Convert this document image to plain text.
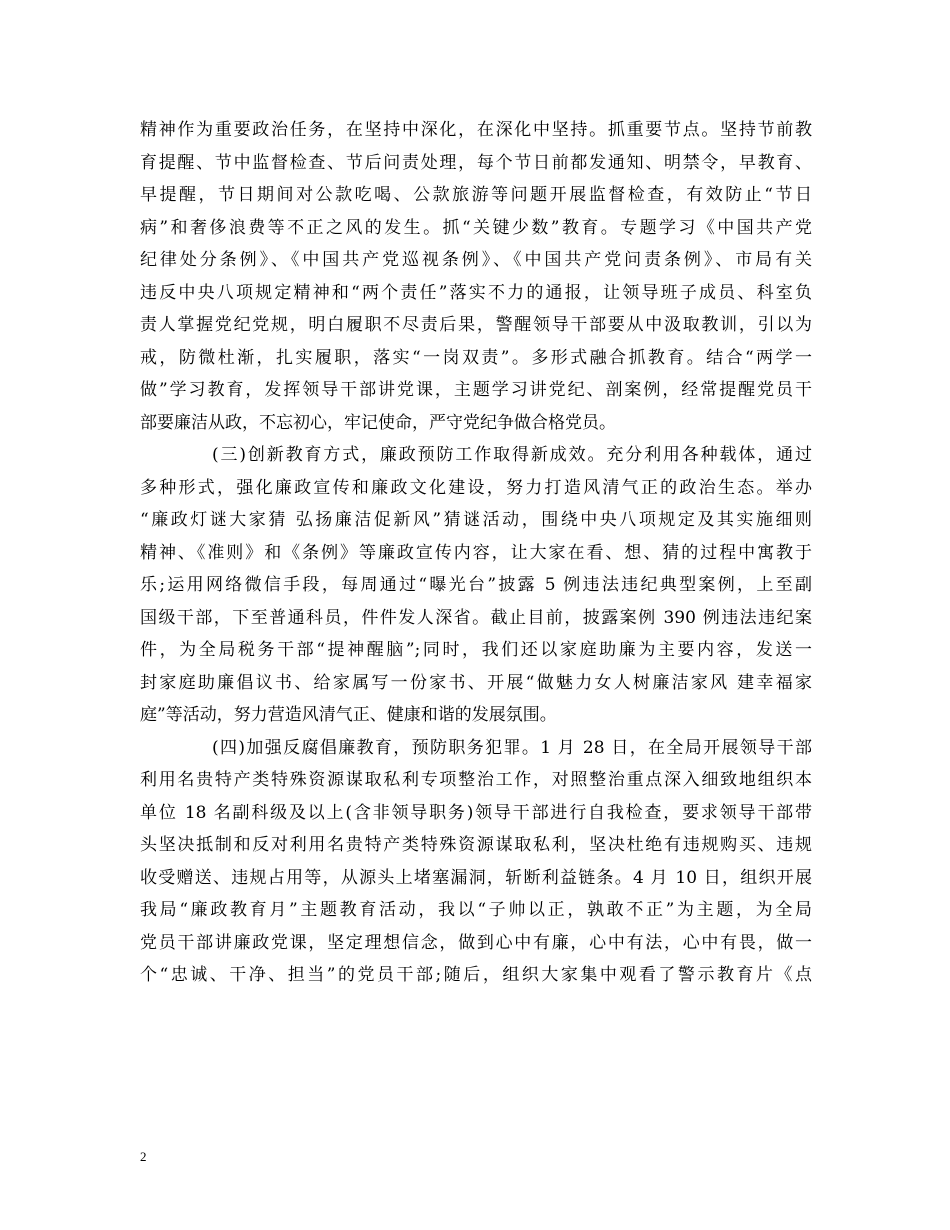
精神作为重要政治任务，在坚持中深化，在深化中坚持。抓重要节点。坚持节前教
育提醒、节中监督检查、节后问责处理，每个节日前都发通知、明禁令，早教育、
早提醒，节日期间对公款吃喝、公款旅游等问题开展监督检查，有效防止“节日
病”和奢侈浪费等不正之风的发生。抓“关键少数”教育。专题学习《中国共产党
纪律处分条例》、《中国共产党巡视条例》、《中国共产党问责条例》、市局有关
违反中央八项规定精神和“两个责任”落实不力的通报，让领导班子成员、科室负
责人掌握党纪党规，明白履职不尽责后果，警醒领导干部要从中汲取教训，引以为
戒，防微杜渐，扎实履职，落实“一岗双责”。多形式融合抓教育。结合“两学一
做”学习教育，发挥领导干部讲党课，主题学习讲党纪、剖案例，经常提醒党员干
部要廉洁从政，不忘初心，牢记使命，严守党纪争做合格党员。
(三)创新教育方式，廉政预防工作取得新成效。充分利用各种载体，通过
多种形式，强化廉政宣传和廉政文化建设，努力打造风清气正的政治生态。举办
“廉政灯谜大家猜 弘扬廉洁促新风”猜谜活动，围绕中央八项规定及其实施细则
精神、《准则》和《条例》等廉政宣传内容，让大家在看、想、猜的过程中寓教于
乐;运用网络微信手段，每周通过“曝光台”披露 5 例违法违纪典型案例，上至副
国级干部，下至普通科员，件件发人深省。截止目前，披露案例 390 例违法违纪案
件，为全局税务干部“提神醒脑”;同时，我们还以家庭助廉为主要内容，发送一
封家庭助廉倡议书、给家属写一份家书、开展“做魅力女人树廉洁家风 建幸福家
庭”等活动，努力营造风清气正、健康和谐的发展氛围。
(四)加强反腐倡廉教育，预防职务犯罪。1 月 28 日，在全局开展领导干部
利用名贵特产类特殊资源谋取私利专项整治工作，对照整治重点深入细致地组织本
单位 18 名副科级及以上(含非领导职务)领导干部进行自我检查，要求领导干部带
头坚决抵制和反对利用名贵特产类特殊资源谋取私利，坚决杜绝有违规购买、违规
收受赠送、违规占用等，从源头上堵塞漏洞，斩断利益链条。4 月 10 日，组织开展
我局“廉政教育月”主题教育活动，我以“子帅以正，孰敢不正”为主题，为全局
党员干部讲廉政党课，坚定理想信念，做到心中有廉，心中有法，心中有畏，做一
个“忠诚、干净、担当”的党员干部;随后，组织大家集中观看了警示教育片《点
2
